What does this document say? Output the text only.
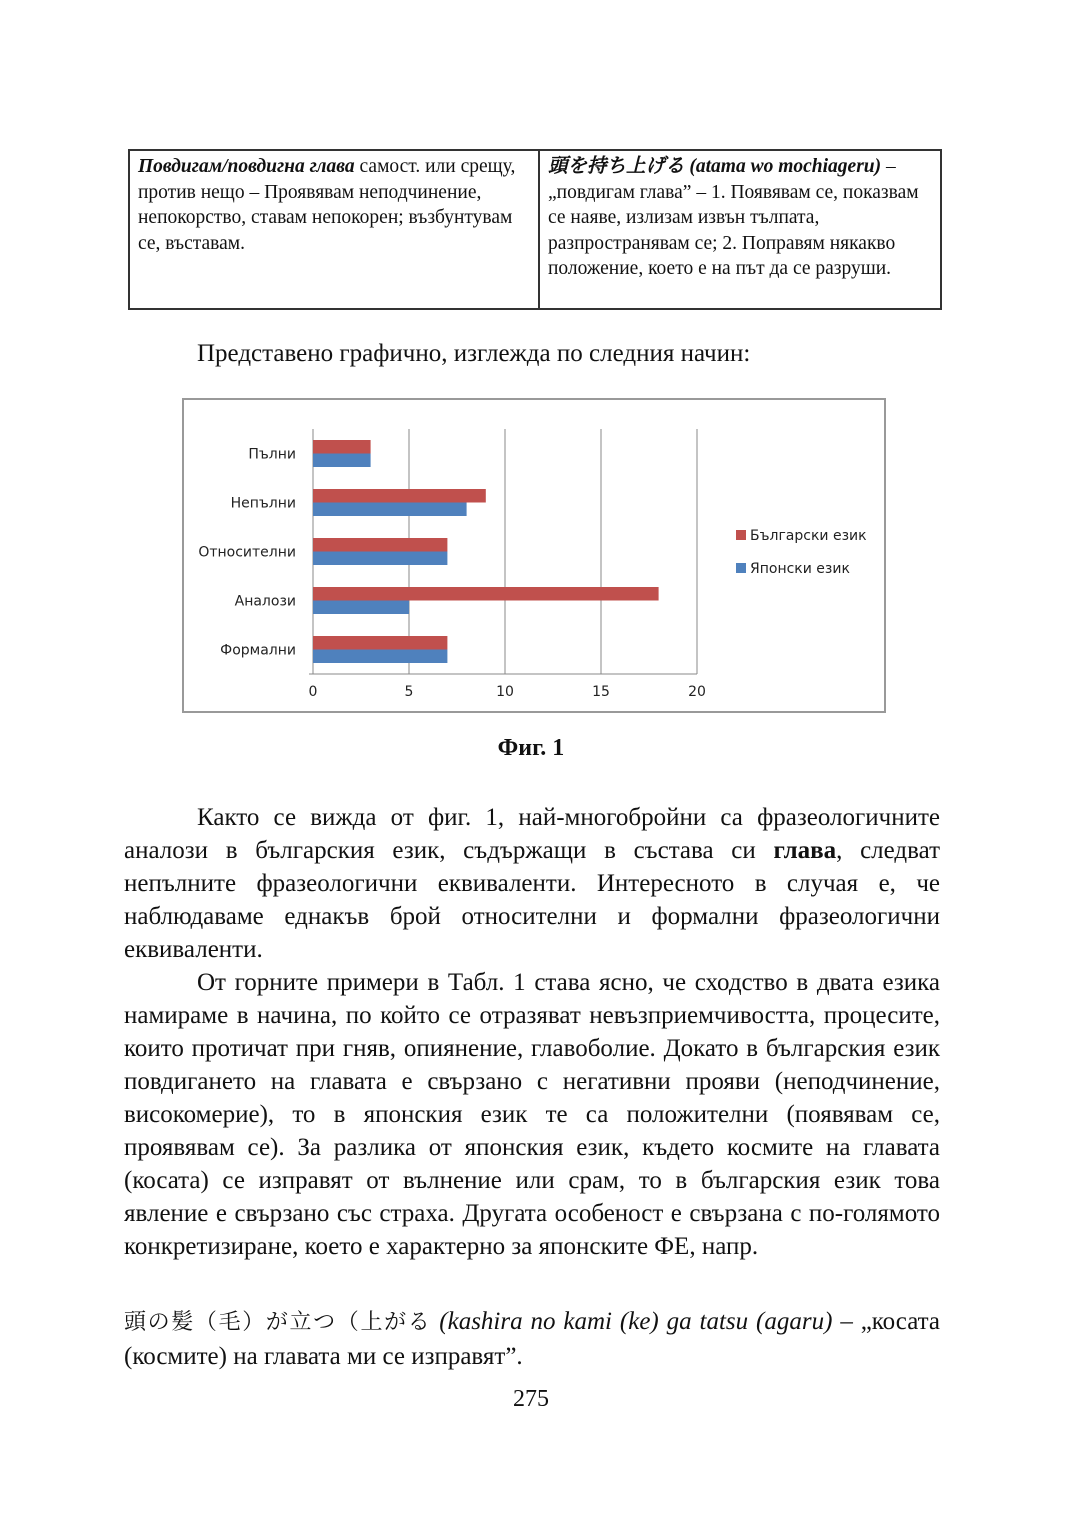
Повдигам/повдигна глава самост. или срещу, против нещо – Проявявам неподчинение, непокорство, ставам непокорен; възбунтувам се, въставам.	頭を持ち上げる (atama wo mochiageru) – „повдигам глава” – 1. Появявам се, показвам се наяве, излизам извън тълпата, разпространявам се; 2. Поправям някакво положение, което е на път да се разруши.
Представено графично, изглежда по следния начин:
0	5	10	15	20
Пълни
Непълни
Относителни
Аналози
Формални
Български език
Японски език
Фиг. 1

Както се вижда от фиг. 1, най-многобройни са фразеологичните аналози в българския език, съдържащи в състава си глава, следват непълните фразеологични еквиваленти. Интересното в случая е, че наблюдаваме еднакъв брой относителни и формални фразеологични еквиваленти.

От горните примери в Табл. 1 става ясно, че сходство в двата езика намираме в начина, по който се отразяват невъзприемчивостта, процесите, които протичат при гняв, опиянение, главоболие. Докато в българския език повдигането на главата е свързано с негативни прояви (неподчинение, високомерие), то в японския език те са положителни (появявам се, проявявам се). За разлика от японския език, където космите на главата (косата) се изправят от вълнение или срам, то в българския език това явление е свързано със страха. Другата особеност е свързана с по-голямото конкретизиране, което е характерно за японските ФЕ, напр.

頭の髪（毛）が立つ（上がる (kashira no kami (ke) ga tatsu (agaru) – „косата (космите) на главата ми се изправят”.
275
